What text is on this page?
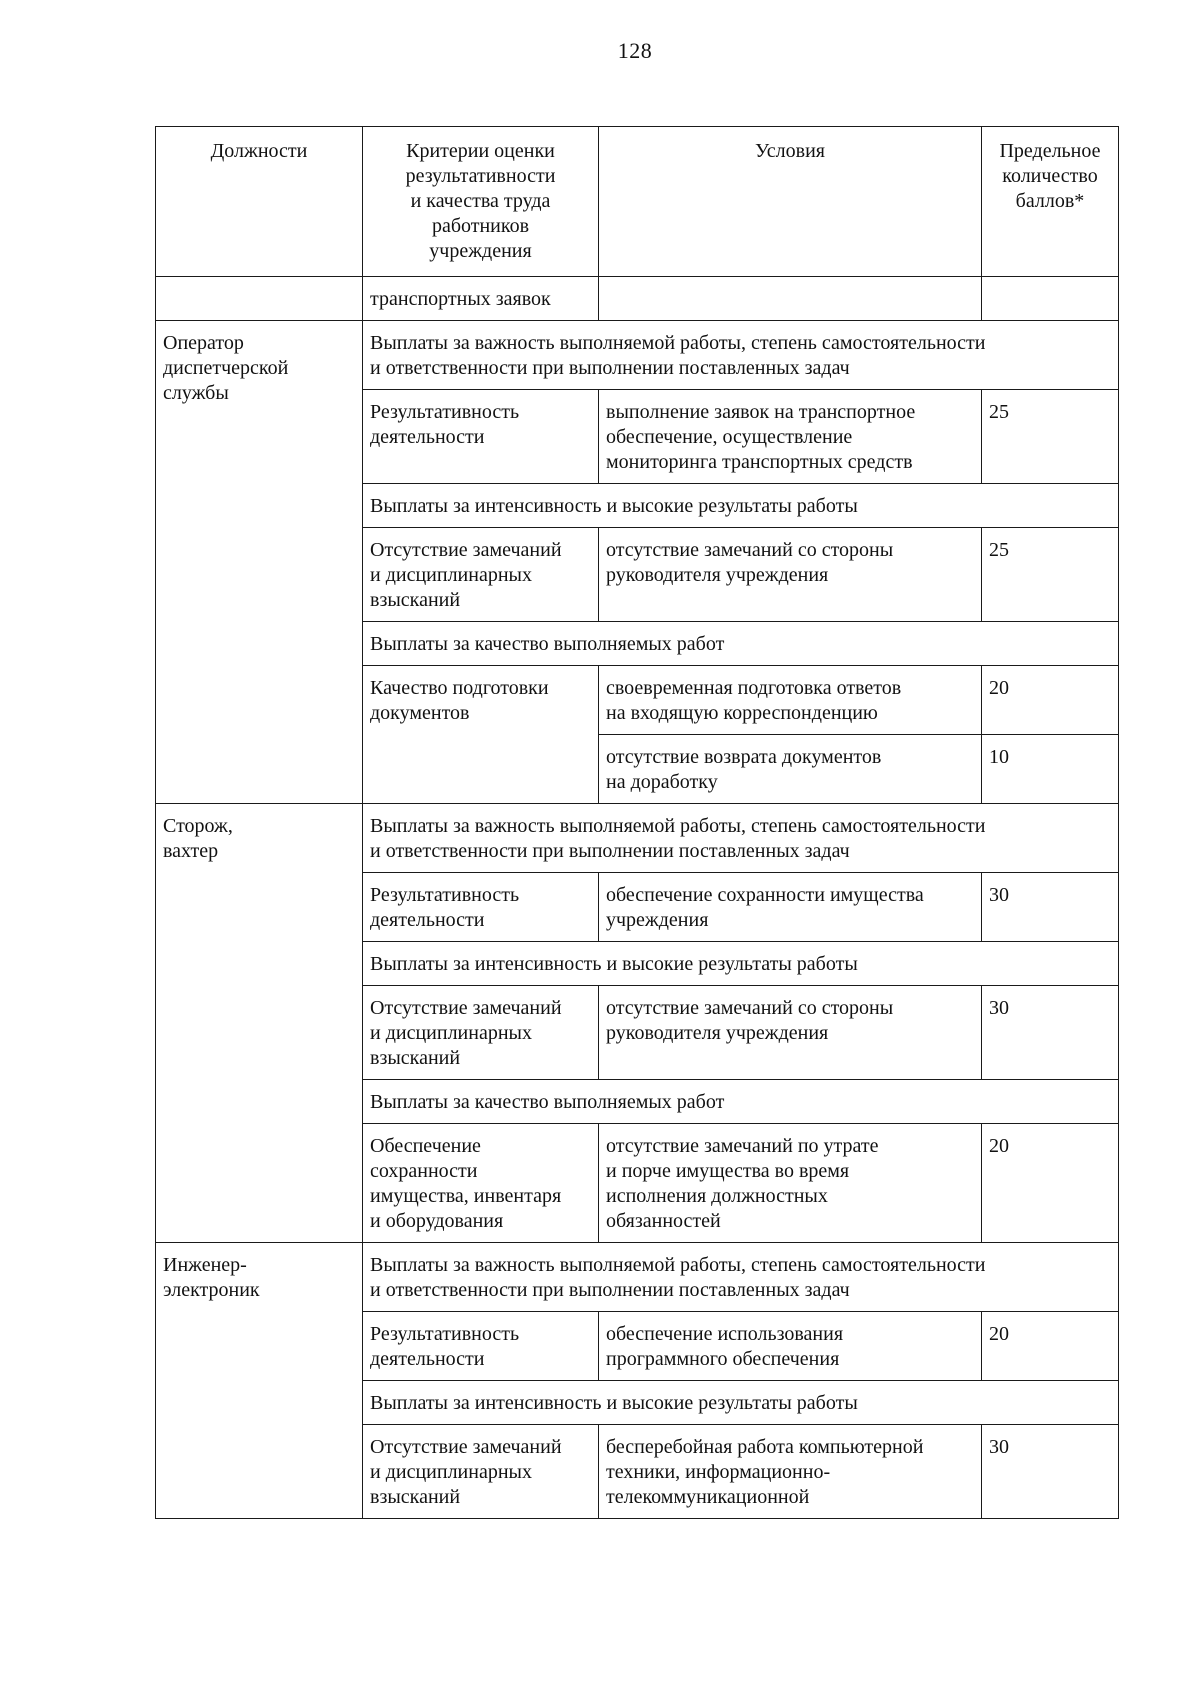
128
Должности	Критерии оценки
результативности
и качества труда
работников
учреждения	Условия	Предельное
количество
баллов*
	транспортных заявок		
Оператор
диспетчерской
службы	Выплаты за важность выполняемой работы, степень самостоятельности
и ответственности при выполнении поставленных задач		
	Результативность
деятельности	выполнение заявок на транспортное
обеспечение, осуществление
мониторинга транспортных средств	25
	Выплаты за интенсивность и высокие результаты работы		
	Отсутствие замечаний
и дисциплинарных
взысканий	отсутствие замечаний со стороны
руководителя учреждения	25
	Выплаты за качество выполняемых работ		
	Качество подготовки
документов	своевременная подготовка ответов
на входящую корреспонденцию	20
		отсутствие возврата документов
на доработку	10
Сторож,
вахтер	Выплаты за важность выполняемой работы, степень самостоятельности
и ответственности при выполнении поставленных задач		
	Результативность
деятельности	обеспечение сохранности имущества
учреждения	30
	Выплаты за интенсивность и высокие результаты работы		
	Отсутствие замечаний
и дисциплинарных
взысканий	отсутствие замечаний со стороны
руководителя учреждения	30
	Выплаты за качество выполняемых работ		
	Обеспечение
сохранности
имущества, инвентаря
и оборудования	отсутствие замечаний по утрате
и порче имущества во время
исполнения должностных
обязанностей	20
Инженер-
электроник	Выплаты за важность выполняемой работы, степень самостоятельности
и ответственности при выполнении поставленных задач		
	Результативность
деятельности	обеспечение использования
программного обеспечения	20
	Выплаты за интенсивность и высокие результаты работы		
	Отсутствие замечаний
и дисциплинарных
взысканий	бесперебойная работа компьютерной
техники, информационно-
телекоммуникационной	30
